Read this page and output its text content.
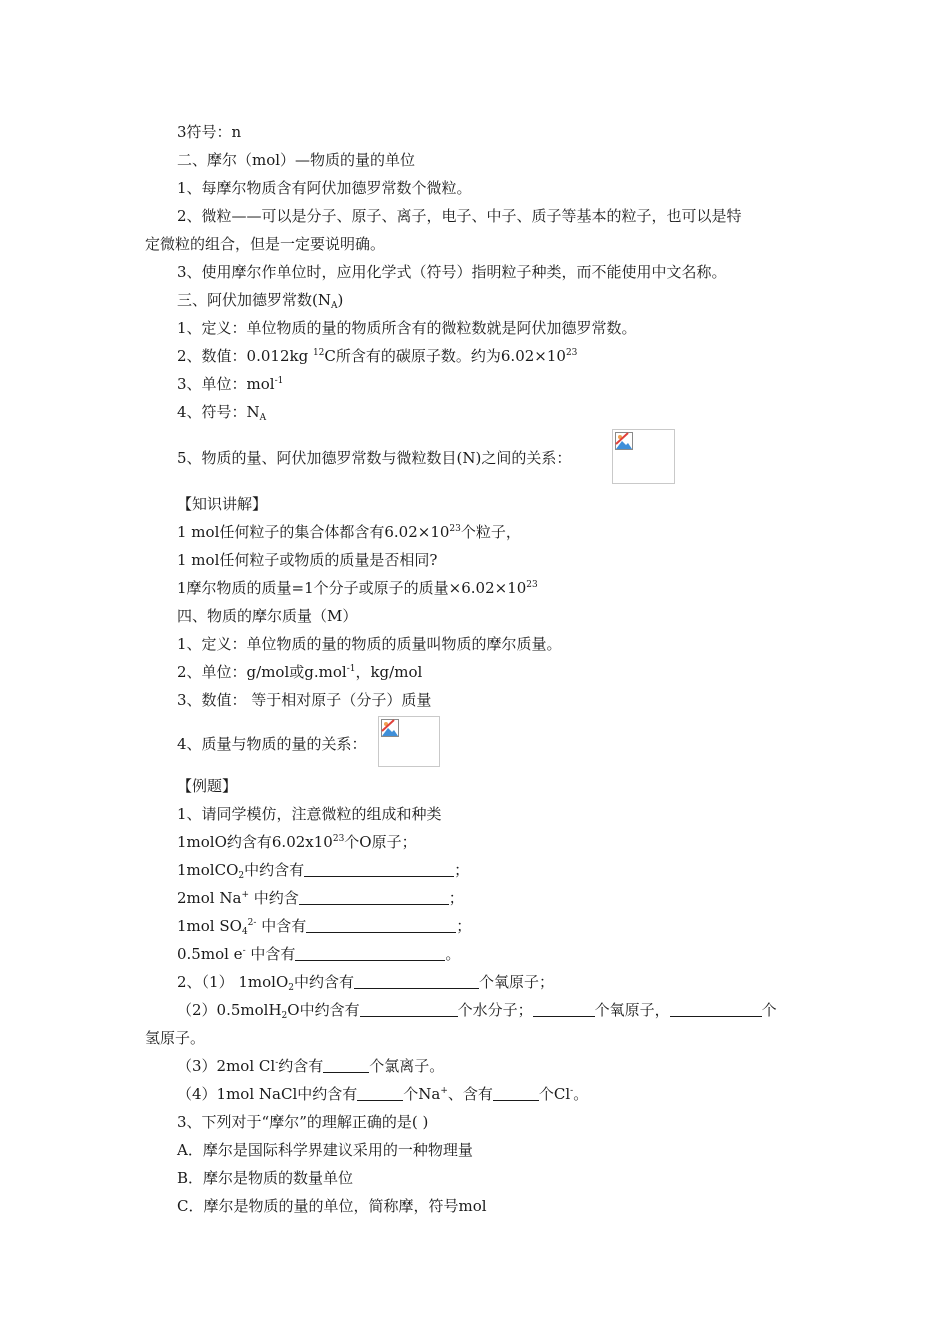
3符号：n
二、摩尔（mol）—物质的量的单位
1、每摩尔物质含有阿伏加德罗常数个微粒。
2、微粒——可以是分子、原子、离子，电子、中子、质子等基本的粒子，也可以是特
定微粒的组合，但是一定要说明确。
3、使用摩尔作单位时，应用化学式（符号）指明粒子种类，而不能使用中文名称。
三、阿伏加德罗常数$(N_A)$
1、定义：单位物质的量的物质所含有的微粒数就是阿伏加德罗常数。
2、数值：0.012kg $^{12}$C所含有的碳原子数。约为$6.02\times 10^{23}$
3、单位：mol$^{-1}$
4、符号：$N_A$
5、物质的量、阿伏加德罗常数与微粒数目(N)之间的关系：
【知识讲解】
1 mol任何粒子的集合体都含有$6.02\times 10^{23}$个粒子，
1 mol任何粒子或物质的质量是否相同?
1摩尔物质的质量=1个分子或原子的质量$\times 6.02\times 10^{23}$
四、物质的摩尔质量（M）
1、定义：单位物质的量的物质的质量叫物质的摩尔质量。
2、单位：g/mol或g.mol$^{-1}$，kg/mol
3、数值： 等于相对原子（分子）质量
4、质量与物质的量的关系：
【例题】
1、请同学模仿，注意微粒的组成和种类
1molO约含有$6.02x10^{23}$个O原子；
1molCO$_2$中约含有	；
2mol Na+ 中约含	；
1mol $SO_4^{2-}$ 中含有	；
0.5mol e- 中含有	。
2、（1） 1molO$_2$中约含有	个氧原子；
（2）0.5molH$_2$O中约含有	个水分子；	个氧原子，	个
氢原子。
（3）2mol Cl-约含有	个氯离子。
（4）1mol NaCl中约含有	个Na+、含有	个Cl-。
3、下列对于“摩尔”的理解正确的是( )
A．摩尔是国际科学界建议采用的一种物理量
B．摩尔是物质的数量单位
C．摩尔是物质的量的单位，简称摩，符号mol
